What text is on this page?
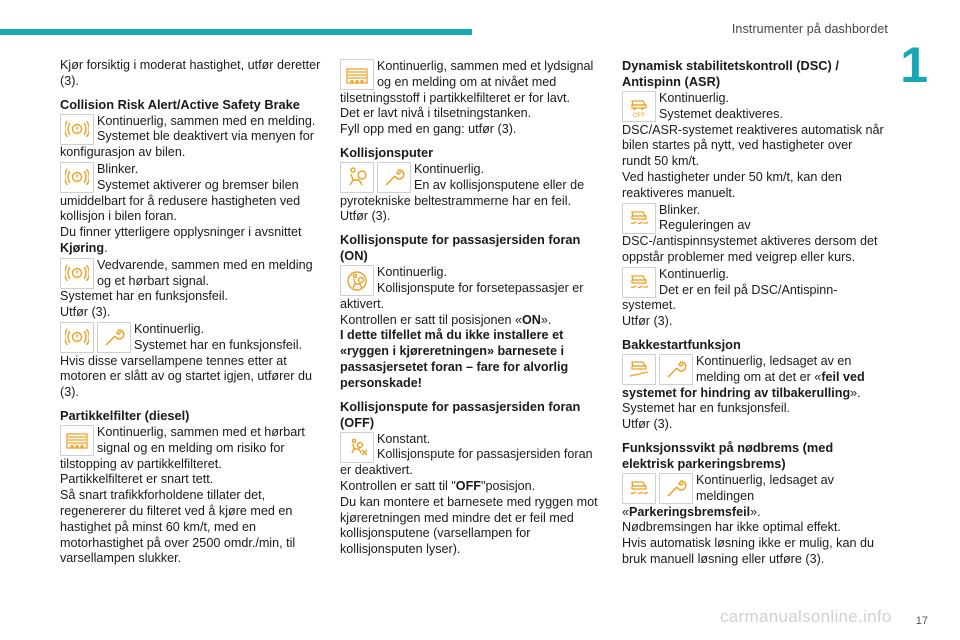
Instrumenter på dashbordet
1
17
carmanualsonline.info

Kjør forsiktig i moderat hastighet, utfør deretter (3).

Collision Risk Alert/Active Safety Brake

Kontinuerlig, sammen med en melding. Systemet ble deaktivert via menyen for konfigurasjon av bilen.

Blinker.

Systemet aktiverer og bremser bilen umiddelbart for å redusere hastigheten ved kollisjon i bilen foran.

Du finner ytterligere opplysninger i avsnittet
Kjøring.

Vedvarende, sammen med en melding og et hørbart signal.

Systemet har en funksjonsfeil.

Utfør (3).

Kontinuerlig.

Systemet har en funksjonsfeil.

Hvis disse varsellampene tennes etter at motoren er slått av og startet igjen, utfører du (3).

Partikkelfilter (diesel)

Kontinuerlig, sammen med et hørbart signal og en melding om risiko for tilstopping av partikkelfilteret.

Partikkelfilteret er snart tett.

Så snart trafikkforholdene tillater det, regenererer du filteret ved å kjøre med en hastighet på minst 60 km/t, med en motorhastighet på over 2500 omdr./min, til varsellampen slukker.

Kontinuerlig, sammen med et lydsignal og en melding om at nivået med tilsetningsstoff i partikkelfilteret er for lavt.

Det er lavt nivå i tilsetningstanken.

Fyll opp med en gang: utfør (3).

Kollisjonsputer

Kontinuerlig.

En av kollisjonsputene eller de pyrotekniske beltestrammerne har en feil.

Utfør (3).

Kollisjonspute for passasjersiden foran (ON)

Kontinuerlig.

Kollisjonspute for forsetepassasjer er aktivert.

Kontrollen er satt til posisjonen «ON».

I dette tilfellet må du ikke installere et «ryggen i kjøreretningen» barnesete i passasjersetet foran – fare for alvorlig personskade!

Kollisjonspute for passasjersiden foran (OFF)

Konstant.

Kollisjonspute for passasjersiden foran er deaktivert.

Kontrollen er satt til "OFF"posisjon.

Du kan montere et barnesete med ryggen mot kjøreretningen med mindre det er feil med kollisjonsputene (varsellampen for kollisjonsputen lyser).

Dynamisk stabilitetskontroll (DSC) / Antispinn (ASR)
OFF

Kontinuerlig.

Systemet deaktiveres.

DSC/ASR-systemet reaktiveres automatisk når bilen startes på nytt, ved hastigheter over rundt 50 km/t.

Ved hastigheter under 50 km/t, kan den reaktiveres manuelt.

Blinker.

Reguleringen av DSC-/antispinnsystemet aktiveres dersom det oppstår problemer med veigrep eller kurs.

Kontinuerlig.

Det er en feil på DSC/Antispinn-systemet.

Utfør (3).

Bakkestartfunksjon

Kontinuerlig, ledsaget av en melding om at det er «feil ved systemet for hindring av tilbakerulling».

Systemet har en funksjonsfeil.

Utfør (3).

Funksjonssvikt på nødbrems (med elektrisk parkeringsbrems)

Kontinuerlig, ledsaget av meldingen «Parkeringsbremsfeil».

Nødbremsingen har ikke optimal effekt.

Hvis automatisk løsning ikke er mulig, kan du bruk manuell løsning eller utføre (3).
